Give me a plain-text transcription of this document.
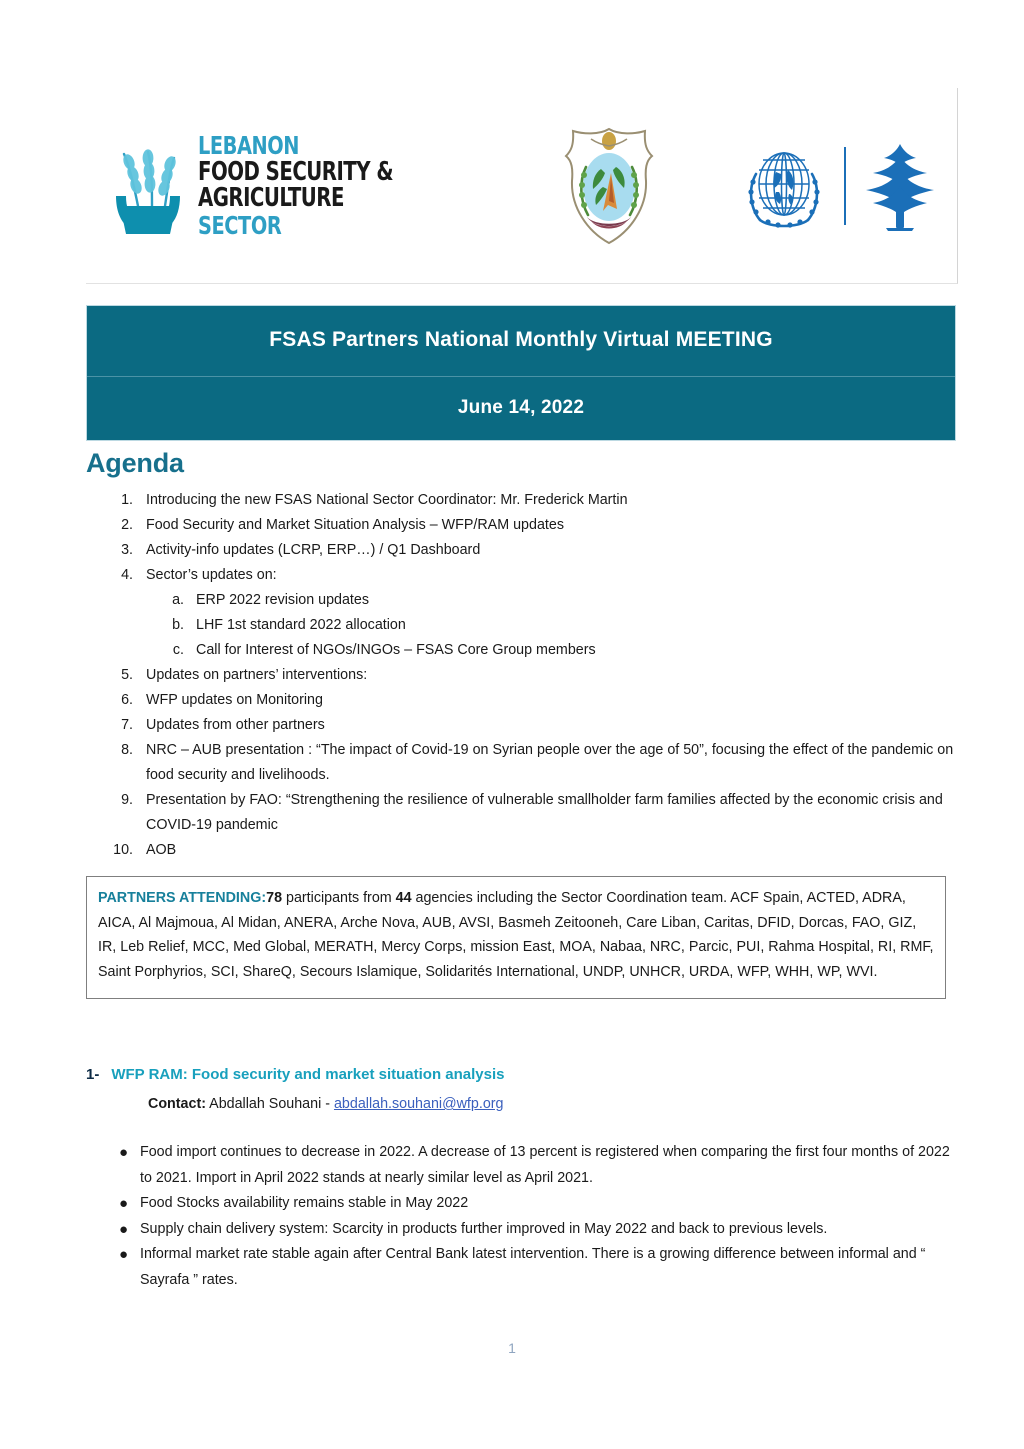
LEBANON
FOOD SECURITY & AGRICULTURE
SECTOR
FSAS Partners National Monthly Virtual MEETING
June 14, 2022
Agenda
1. Introducing the new FSAS National Sector Coordinator: Mr. Frederick Martin
2. Food Security and Market Situation Analysis – WFP/RAM updates
3. Activity-info updates (LCRP, ERP…) / Q1 Dashboard
4. Sector’s updates on:
a. ERP 2022 revision updates
b. LHF 1st standard 2022 allocation
c. Call for Interest of NGOs/INGOs – FSAS Core Group members
5. Updates on partners’ interventions:
6. WFP updates on Monitoring
7. Updates from other partners
8. NRC – AUB presentation : “The impact of Covid-19 on Syrian people over the age of 50”, focusing the effect of the pandemic on food security and livelihoods.
9. Presentation by FAO: “Strengthening the resilience of vulnerable smallholder farm families affected by the economic crisis and COVID-19 pandemic
10. AOB
PARTNERS ATTENDING:78 participants from 44 agencies including the Sector Coordination team. ACF Spain, ACTED, ADRA, AICA, Al Majmoua, Al Midan, ANERA, Arche Nova, AUB, AVSI, Basmeh Zeitooneh, Care Liban, Caritas, DFID, Dorcas, FAO, GIZ, IR, Leb Relief, MCC, Med Global, MERATH, Mercy Corps, mission East, MOA, Nabaa, NRC, Parcic, PUI, Rahma Hospital, RI, RMF, Saint Porphyrios, SCI, ShareQ, Secours Islamique, Solidarités International, UNDP, UNHCR, URDA, WFP, WHH, WP, WVI.
1- WFP RAM: Food security and market situation analysis
Contact: Abdallah Souhani - abdallah.souhani@wfp.org
● Food import continues to decrease in 2022. A decrease of 13 percent is registered when comparing the first four months of 2022 to 2021. Import in April 2022 stands at nearly similar level as April 2021.
● Food Stocks availability remains stable in May 2022
● Supply chain delivery system: Scarcity in products further improved in May 2022 and back to previous levels.
● Informal market rate stable again after Central Bank latest intervention. There is a growing difference between informal and “ Sayrafa ” rates.
1
